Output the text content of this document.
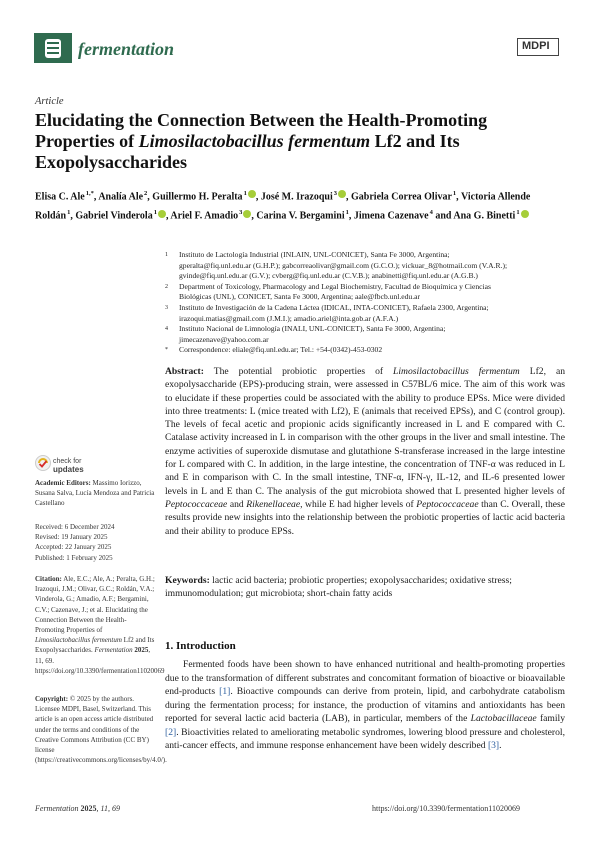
fermentation	MDPI
Article
Elucidating the Connection Between the Health-Promoting Properties of Limosilactobacillus fermentum Lf2 and Its Exopolysaccharides
Elisa C. Ale$^{1,*}$, Analía Ale$^2$, Guillermo H. Peralta$^1$ , José M. Irazoqui$^3$ , Gabriela Correa Olivar$^1$, Victoria Allende Roldán$^1$, Gabriel Vinderola$^1$ , Ariel F. Amadio$^3$ , Carina V. Bergamini$^1$, Jimena Cazenave$^4$ and Ana G. Binetti$^1$
1	Instituto de Lactología Industrial (INLAIN, UNL-CONICET), Santa Fe 3000, Argentina;
gperalta@fiq.unl.edu.ar (G.H.P.); gabcorreaolivar@gmail.com (G.C.O.); vickuar_8@hotmail.com (V.A.R.);
gvinde@fiq.unl.edu.ar (G.V.); cvberg@fiq.unl.edu.ar (C.V.B.); anabinetti@fiq.unl.edu.ar (A.G.B.)
2	Department of Toxicology, Pharmacology and Legal Biochemistry, Facultad de Bioquímica y Ciencias
Biológicas (UNL), CONICET, Santa Fe 3000, Argentina; aale@fbcb.unl.edu.ar
3	Instituto de Investigación de la Cadena Láctea (IDICAL, INTA-CONICET), Rafaela 2300, Argentina;
irazoqui.matias@gmail.com (J.M.I.); amadio.ariel@inta.gob.ar (A.F.A.)
4	Instituto Nacional de Limnología (INALI, UNL-CONICET), Santa Fe 3000, Argentina;
jimecazenave@yahoo.com.ar
*	Correspondence: eliale@fiq.unl.edu.ar; Tel.: +54-(0342)-453-0302
Abstract: The potential probiotic properties of Limosilactobacillus fermentum Lf2, an exopolysaccharide (EPS)-producing strain, were assessed in C57BL/6 mice. The aim of this work was to elucidate if these properties could be associated with the ability to produce EPSs. Mice were divided into three treatments: L (mice treated with Lf2), E (animals that received EPSs), and C (control group). The levels of fecal acetic and propionic acids significantly increased in L and E compared with C. Catalase activity increased in L in comparison with the other groups in the liver and small intestine. The enzyme activities of superoxide dismutase and glutathione S-transferase increased in the large intestine for L compared with C. In addition, in the large intestine, the concentration of TNF-α was reduced in L and E in comparison with C. In the small intestine, TNF-α, IFN-γ, IL-12, and IL-6 presented lower levels in L and E than C. The analysis of the gut microbiota showed that L presented higher levels of Peptococcaceae and Rikenellaceae, while E had higher levels of Peptococcaceae than C. Overall, these results provide new insights into the relationship between the probiotic properties of lactic acid bacteria and their ability to produce EPSs.
Keywords: lactic acid bacteria; probiotic properties; exopolysaccharides; oxidative stress; immunomodulation; gut microbiota; short-chain fatty acids
check for
updates
Academic Editors: Massimo Iorizzo, Susana Salva, Lucía Mendoza and Patricia Castellano
Received: 6 December 2024
Revised: 19 January 2025
Accepted: 22 January 2025
Published: 1 February 2025
Citation: Ale, E.C.; Ale, A.; Peralta, G.H.; Irazoqui, J.M.; Olivar, G.C.; Roldán, V.A.; Vinderola, G.; Amadio, A.F.; Bergamini, C.V.; Cazenave, J.; et al. Elucidating the Connection Between the Health-Promoting Properties of Limosilactobacillus fermentum Lf2 and Its Exopolysaccharides. Fermentation 2025, 11, 69. https://doi.org/10.3390/fermentation11020069
Copyright: © 2025 by the authors. Licensee MDPI, Basel, Switzerland. This article is an open access article distributed under the terms and conditions of the Creative Commons Attribution (CC BY) license (https://creativecommons.org/licenses/by/4.0/).
1. Introduction
Fermented foods have been shown to have enhanced nutritional and health-promoting properties due to the transformation of different substrates and concomitant formation of bioactive or bioavailable end-products [1]. Bioactive compounds can derive from protein, lipid, and carbohydrate catabolism during the fermentation process; for instance, the production of vitamins and antioxidants has been reported for several lactic acid bacteria (LAB), in particular, members of the Lactobacillaceae family [2]. Bioactivities related to ameliorating metabolic syndromes, lowering blood pressure and cholesterol, anti-cancer effects, and immune response enhancement have been widely described [3].
Fermentation 2025, 11, 69	https://doi.org/10.3390/fermentation11020069
